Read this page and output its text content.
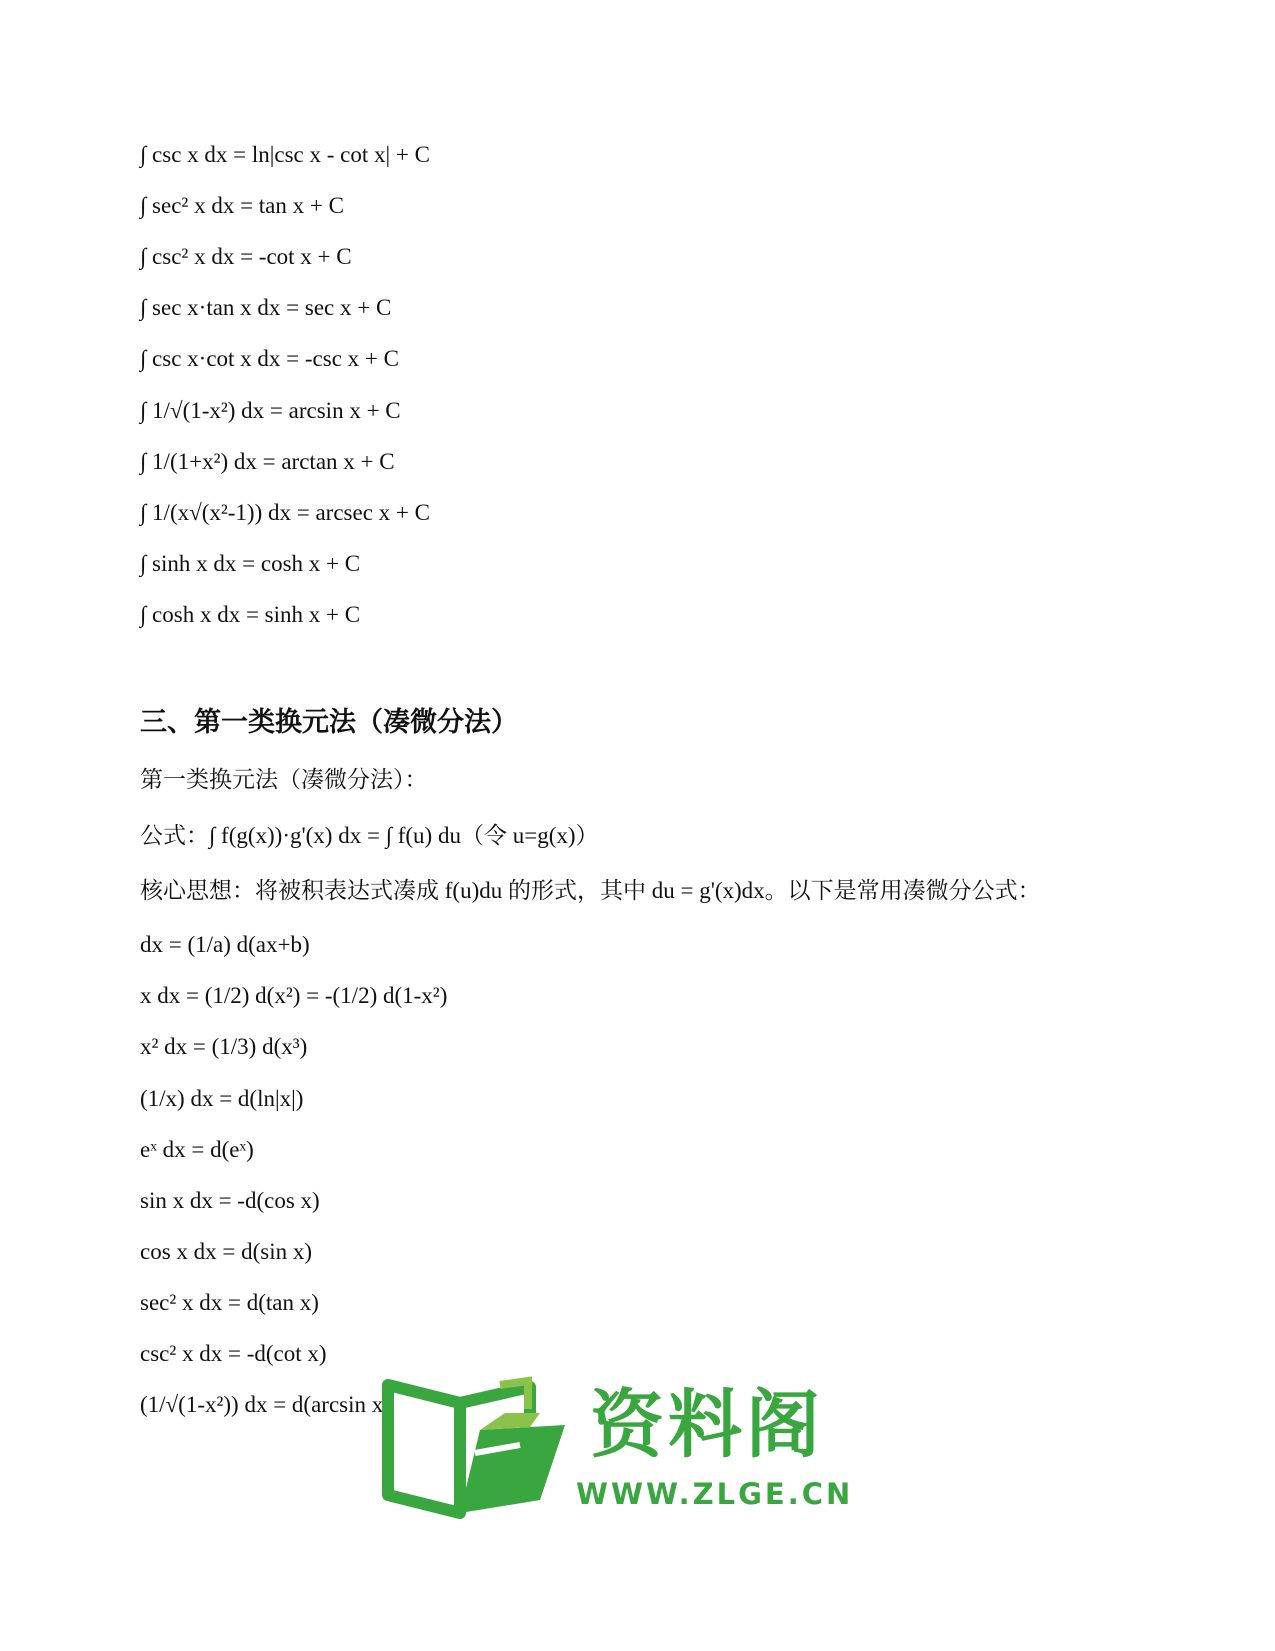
∫ csc x dx = ln|csc x - cot x| + C
∫ sec² x dx = tan x + C
∫ csc² x dx = -cot x + C
∫ sec x·tan x dx = sec x + C
∫ csc x·cot x dx = -csc x + C
∫ 1/√(1-x²) dx = arcsin x + C
∫ 1/(1+x²) dx = arctan x + C
∫ 1/(x√(x²-1)) dx = arcsec x + C
∫ sinh x dx = cosh x + C
∫ cosh x dx = sinh x + C
三、第一类换元法（凑微分法）
第一类换元法（凑微分法）：
公式：∫ f(g(x))·g'(x) dx = ∫ f(u) du（令 u=g(x)）
核心思想：将被积表达式凑成 f(u)du 的形式，其中 du = g'(x)dx。以下是常用凑微分公式：
dx = (1/a) d(ax+b)
x dx = (1/2) d(x²) = -(1/2) d(1-x²)
x² dx = (1/3) d(x³)
(1/x) dx = d(ln|x|)
eˣ dx = d(eˣ)
sin x dx = -d(cos x)
cos x dx = d(sin x)
sec² x dx = d(tan x)
csc² x dx = -d(cot x)
(1/√(1-x²)) dx = d(arcsin x)	资料阁
WWW.ZLGE.CN
